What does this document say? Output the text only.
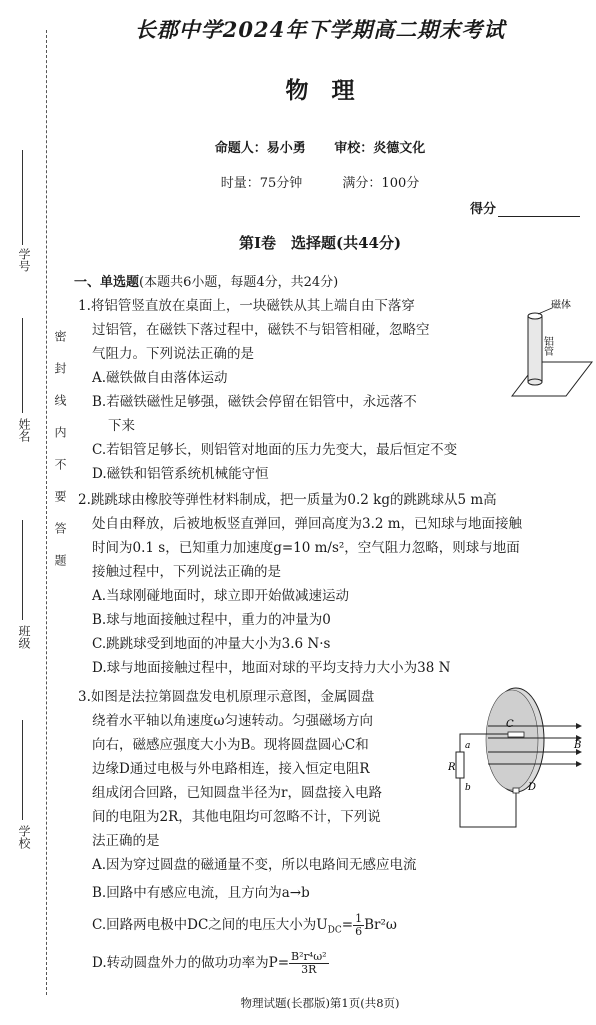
学号
姓名
班级
学校
密封线内不要答题
长郡中学2024年下学期高二期末考试
物　理
命题人：易小勇 审校：炎德文化
时量：75分钟	满分：100分
得分
第Ⅰ卷　选择题(共44分)
一、单选题(本题共6小题，每题4分，共24分)

1.将铝管竖直放在桌面上，一块磁铁从其上端自由下落穿

过铝管，在磁铁下落过程中，磁铁不与铝管相碰，忽略空

气阻力。下列说法正确的是

A.磁铁做自由落体运动

B.若磁铁磁性足够强，磁铁会停留在铝管中，永远落不

下来

C.若铝管足够长，则铝管对地面的压力先变大，最后恒定不变

D.磁铁和铝管系统机械能守恒

磁体
铝管

2.跳跳球由橡胶等弹性材料制成，把一质量为0.2 kg的跳跳球从5 m高

处自由释放，后被地板竖直弹回，弹回高度为3.2 m，已知球与地面接触

时间为0.1 s，已知重力加速度g=10 m/s²，空气阻力忽略，则球与地面

接触过程中，下列说法正确的是

A.当球刚碰地面时，球立即开始做减速运动

B.球与地面接触过程中，重力的冲量为0

C.跳跳球受到地面的冲量大小为3.6 N·s

D.球与地面接触过程中，地面对球的平均支持力大小为38 N

3.如图是法拉第圆盘发电机原理示意图，金属圆盘

绕着水平轴以角速度ω匀速转动。匀强磁场方向

向右，磁感应强度大小为B。现将圆盘圆心C和

边缘D通过电极与外电路相连，接入恒定电阻R

组成闭合回路，已知圆盘半径为r，圆盘接入电路

间的电阻为2R，其他电阻均可忽略不计，下列说

法正确的是

A.因为穿过圆盘的磁通量不变，所以电路间无感应电流

B.回路中有感应电流，且方向为a→b

C.回路两电极中DC之间的电压大小为$U_{DC}= \frac{1}{6} Br^2\omega$

D.转动圆盘外力的做功功率为$P= \frac{\text{B²r⁴ω²}}{3R}$

C
B
D
R
a
b
物理试题(长郡版)第1页(共8页)
